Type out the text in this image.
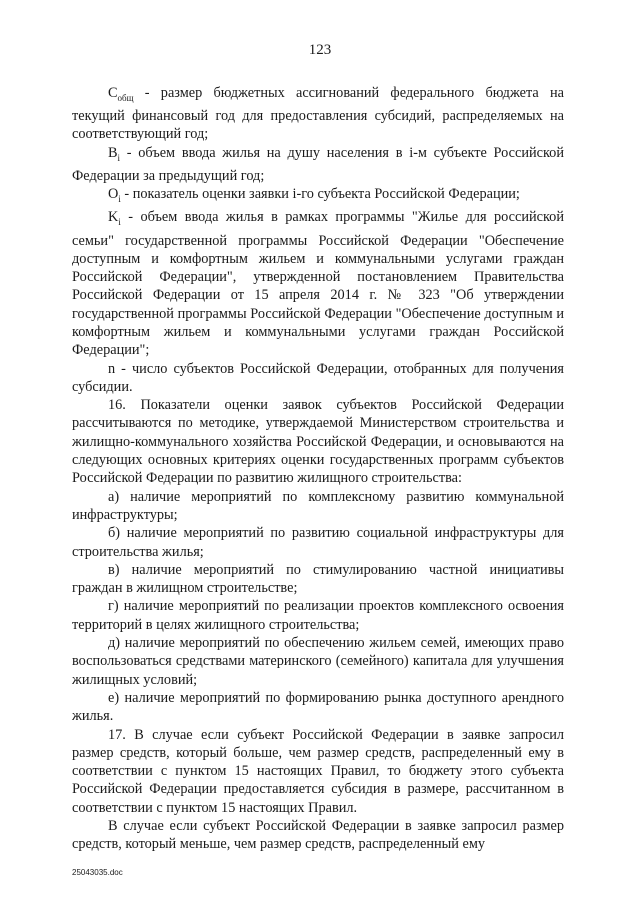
123

$C_{общ}$ - размер бюджетных ассигнований федерального бюджета на текущий финансовый год для предоставления субсидий, распределяемых на соответствующий год;

$B_i$ - объем ввода жилья на душу населения в i-м субъекте Российской Федерации за предыдущий год;

$O_i$ - показатель оценки заявки i-го субъекта Российской Федерации;

$K_i$ - объем ввода жилья в рамках программы "Жилье для российской семьи" государственной программы Российской Федерации "Обеспечение доступным и комфортным жильем и коммунальными услугами граждан Российской Федерации", утвержденной постановлением Правительства Российской Федерации от 15 апреля 2014 г. № 323 "Об утверждении государственной программы Российской Федерации "Обеспечение доступным и комфортным жильем и коммунальными услугами граждан Российской Федерации";

n - число субъектов Российской Федерации, отобранных для получения субсидии.

16. Показатели оценки заявок субъектов Российской Федерации рассчитываются по методике, утверждаемой Министерством строительства и жилищно-коммунального хозяйства Российской Федерации, и основываются на следующих основных критериях оценки государственных программ субъектов Российской Федерации по развитию жилищного строительства:

а) наличие мероприятий по комплексному развитию коммунальной инфраструктуры;

б) наличие мероприятий по развитию социальной инфраструктуры для строительства жилья;

в) наличие мероприятий по стимулированию частной инициативы граждан в жилищном строительстве;

г) наличие мероприятий по реализации проектов комплексного освоения территорий в целях жилищного строительства;

д) наличие мероприятий по обеспечению жильем семей, имеющих право воспользоваться средствами материнского (семейного) капитала для улучшения жилищных условий;

е) наличие мероприятий по формированию рынка доступного арендного жилья.

17. В случае если субъект Российской Федерации в заявке запросил размер средств, который больше, чем размер средств, распределенный ему в соответствии с пунктом 15 настоящих Правил, то бюджету этого субъекта Российской Федерации предоставляется субсидия в размере, рассчитанном в соответствии с пунктом 15 настоящих Правил.

В случае если субъект Российской Федерации в заявке запросил размер средств, который меньше, чем размер средств, распределенный ему

25043035.doc
